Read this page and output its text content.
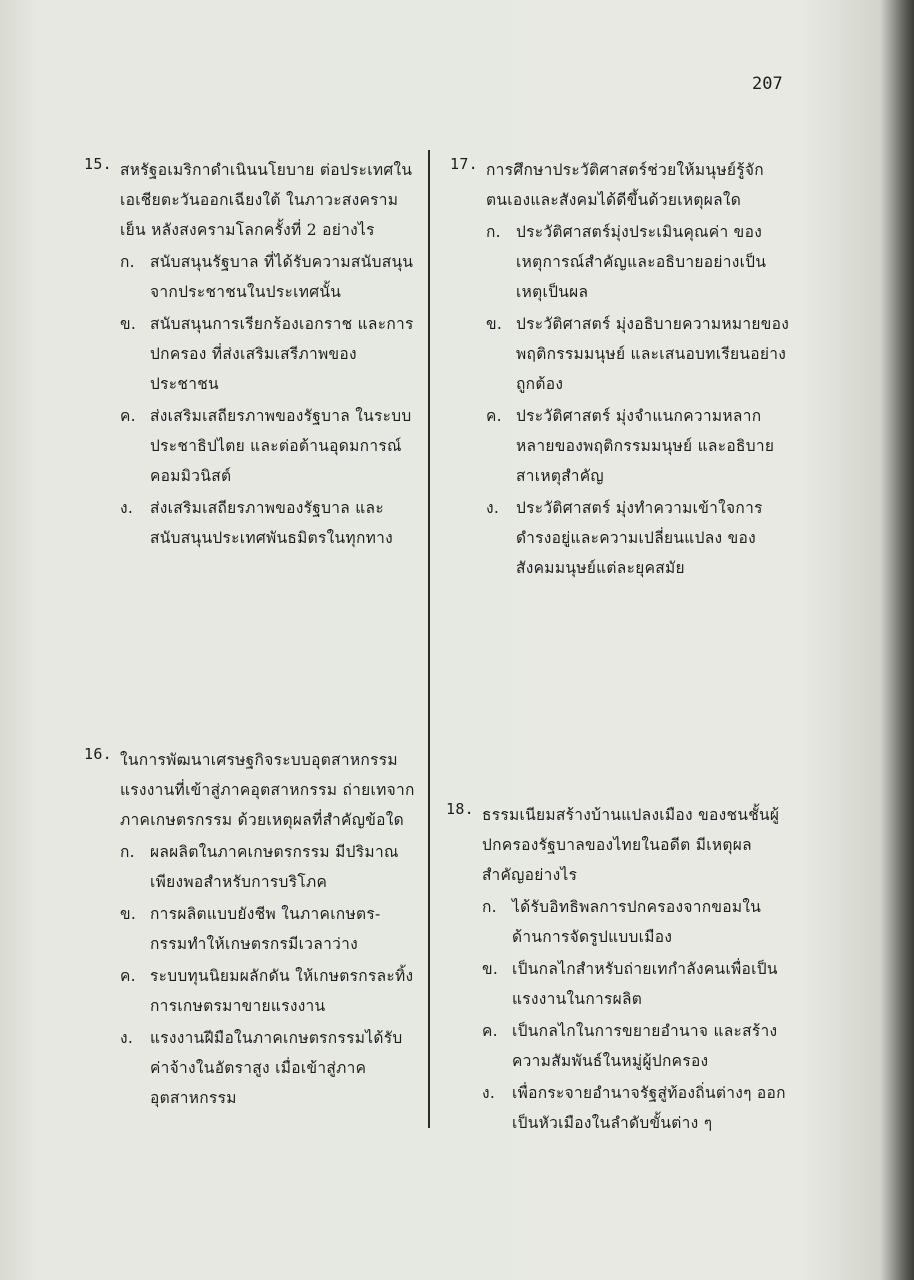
207
15. สหรัฐอเมริกาดำเนินนโยบาย ต่อประเทศในเอเชียตะวันออกเฉียงใต้ ในภาวะสงครามเย็น หลังสงครามโลกครั้งที่ 2 อย่างไร
ก. สนับสนุนรัฐบาล ที่ได้รับความสนับสนุน จากประชาชนในประเทศนั้น
ข. สนับสนุนการเรียกร้องเอกราช และการปกครอง ที่ส่งเสริมเสรีภาพของประชาชน
ค. ส่งเสริมเสถียรภาพของรัฐบาล ในระบบประชาธิปไตย และต่อต้านอุดมการณ์คอมมิวนิสต์
ง.	ส่งเสริมเสถียรภาพของรัฐบาล และสนับสนุนประเทศพันธมิตรในทุกทาง
16. ในการพัฒนาเศรษฐกิจระบบอุตสาหกรรม แรงงานที่เข้าสู่ภาคอุตสาหกรรม ถ่ายเทจากภาคเกษตรกรรม ด้วยเหตุผลที่สำคัญข้อใด
ก. ผลผลิตในภาคเกษตรกรรม มีปริมาณเพียงพอสำหรับการบริโภค
ข. การผลิตแบบยังชีพ ในภาคเกษตร-กรรมทำให้เกษตรกรมีเวลาว่าง
ค. ระบบทุนนิยมผลักดัน ให้เกษตรกรละทิ้งการเกษตรมาขายแรงงาน
ง.	แรงงานฝีมือในภาคเกษตรกรรมได้รับค่าจ้างในอัตราสูง เมื่อเข้าสู่ภาคอุตสาหกรรม
17. การศึกษาประวัติศาสตร์ช่วยให้มนุษย์รู้จักตนเองและสังคมได้ดีขึ้นด้วยเหตุผลใด
ก. ประวัติศาสตร์มุ่งประเมินคุณค่า ของเหตุการณ์สำคัญและอธิบายอย่างเป็นเหตุเป็นผล
ข. ประวัติศาสตร์ มุ่งอธิบายความหมายของพฤติกรรมมนุษย์ และเสนอบทเรียนอย่างถูกต้อง
ค. ประวัติศาสตร์ มุ่งจำแนกความหลากหลายของพฤติกรรมมนุษย์ และอธิบายสาเหตุสำคัญ
ง.	ประวัติศาสตร์ มุ่งทำความเข้าใจการดำรงอยู่และความเปลี่ยนแปลง ของสังคมมนุษย์แต่ละยุคสมัย
18. ธรรมเนียมสร้างบ้านแปลงเมือง ของชนชั้นผู้ปกครองรัฐบาลของไทยในอดีต มีเหตุผลสำคัญอย่างไร
ก. ได้รับอิทธิพลการปกครองจากขอมในด้านการจัดรูปแบบเมือง
ข. เป็นกลไกสำหรับถ่ายเทกำลังคนเพื่อเป็นแรงงานในการผลิต
ค. เป็นกลไกในการขยายอำนาจ และสร้างความสัมพันธ์ในหมู่ผู้ปกครอง
ง.	เพื่อกระจายอำนาจรัฐสู่ท้องถิ่นต่างๆ ออกเป็นหัวเมืองในลำดับขั้นต่าง ๆ
